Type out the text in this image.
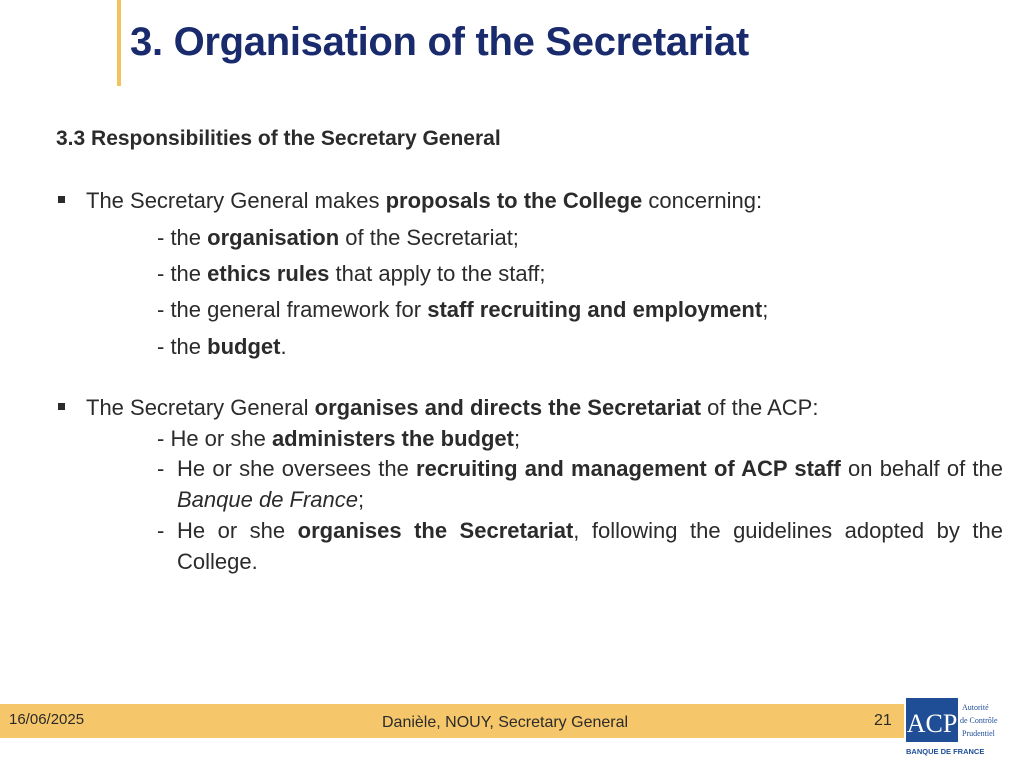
3. Organisation of the Secretariat
3.3 Responsibilities of the Secretary General
The Secretary General makes proposals to the College concerning:
- the organisation of the Secretariat;
- the ethics rules that apply to the staff;
- the general framework for staff recruiting and employment;
- the budget.
The Secretary General organises and directs the Secretariat of the ACP:
- He or she administers the budget;
- He or she oversees the recruiting and management of ACP staff on behalf of the Banque de France;
- He or she organises the Secretariat, following the guidelines adopted by the College.
16/06/2025	Danièle, NOUY, Secretary General	21 ACP
Autorité
de Contrôle
Prudentiel
BANQUE DE FRANCE
